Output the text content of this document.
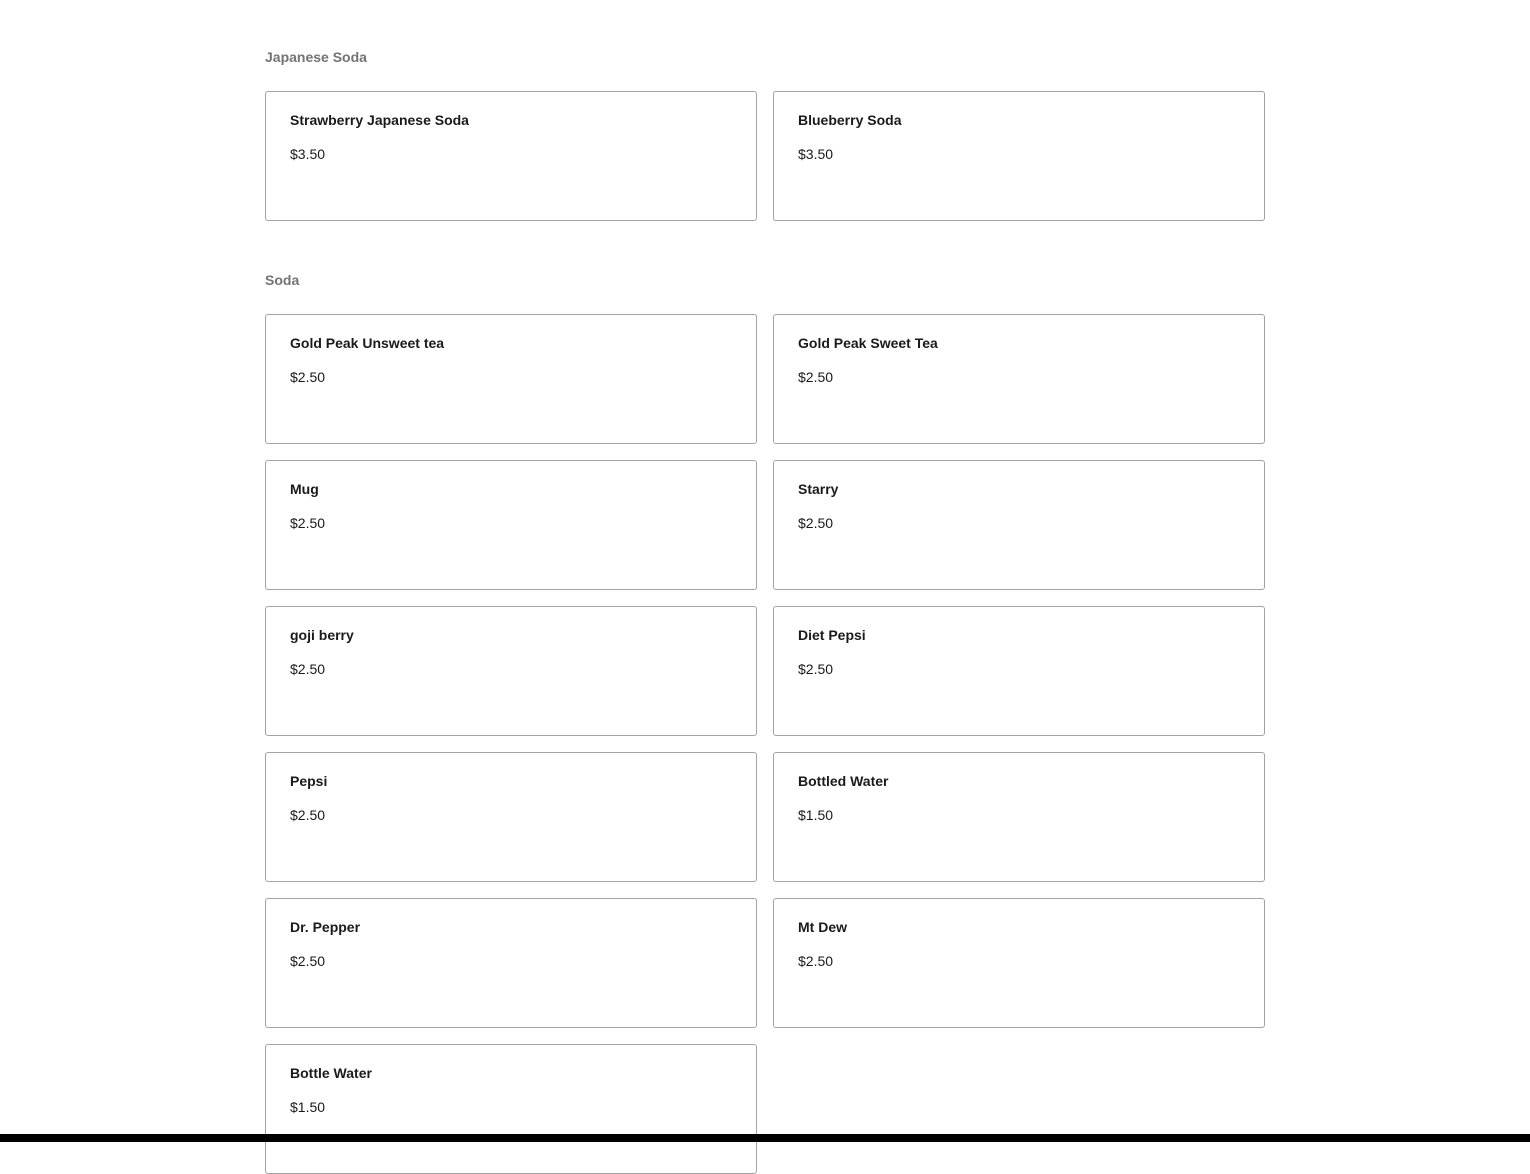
Japanese Soda
Strawberry Japanese Soda
$3.50
Blueberry Soda
$3.50
Soda
Gold Peak Unsweet tea
$2.50
Gold Peak Sweet Tea
$2.50
Mug
$2.50
Starry
$2.50
goji berry
$2.50
Diet Pepsi
$2.50
Pepsi
$2.50
Bottled Water
$1.50
Dr. Pepper
$2.50
Mt Dew
$2.50
Bottle Water
$1.50
